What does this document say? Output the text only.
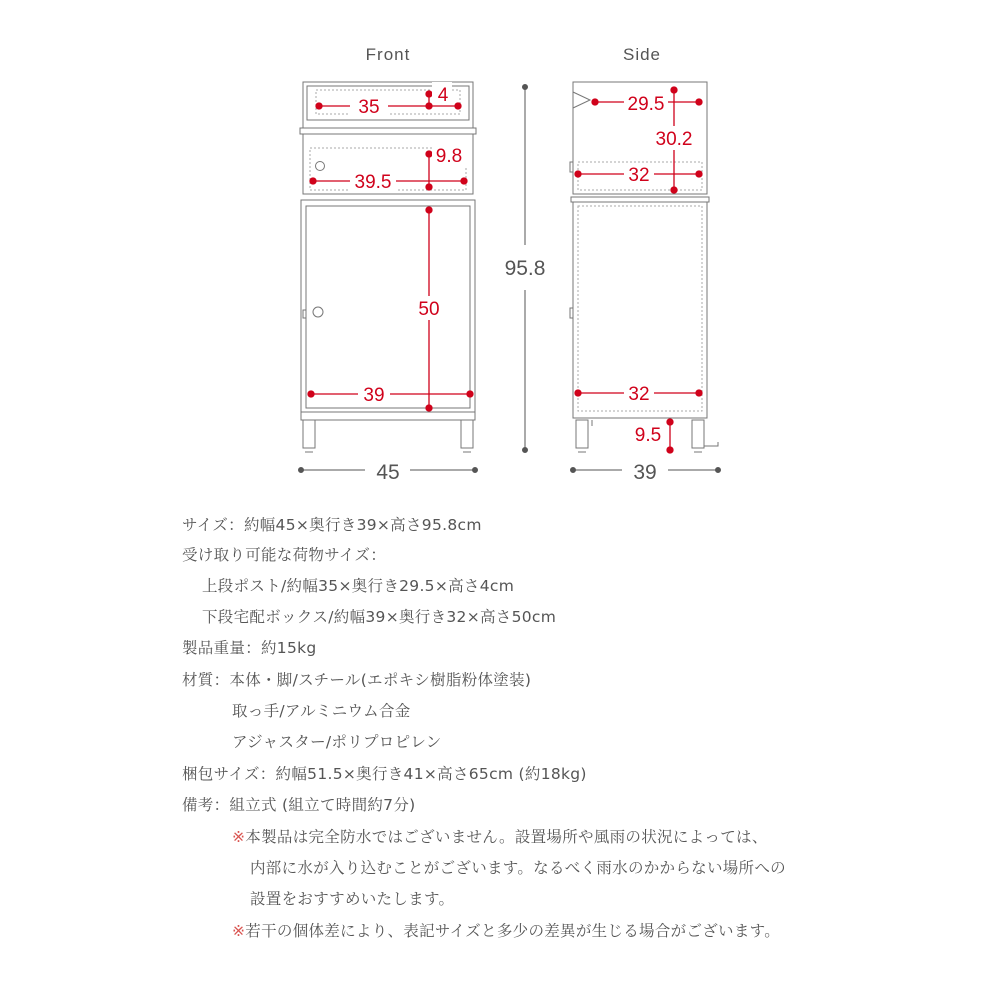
Front	Side
35
4
9.8
39.5
50
39
45
95.8
29.5
30.2
32
32
9.5
39
サイズ：約幅45×奥行き39×高さ95.8cm
受け取り可能な荷物サイズ：
上段ポスト/約幅35×奥行き29.5×高さ4cm
下段宅配ボックス/約幅39×奥行き32×高さ50cm
製品重量：約15kg
材質：本体・脚/スチール(エポキシ樹脂粉体塗装)
取っ手/アルミニウム合金
アジャスター/ポリプロピレン
梱包サイズ：約幅51.5×奥行き41×高さ65cm (約18kg)
備考：組立式 (組立て時間約7分)
※本製品は完全防水ではございません。設置場所や風雨の状況によっては、
内部に水が入り込むことがございます。なるべく雨水のかからない場所への
設置をおすすめいたします。
※若干の個体差により、表記サイズと多少の差異が生じる場合がございます。
